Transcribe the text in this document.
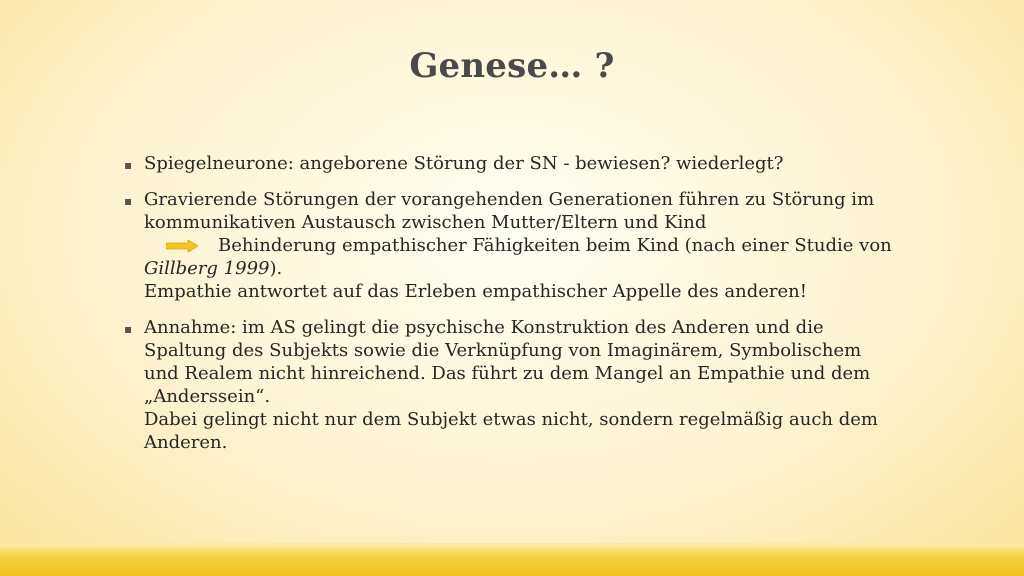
Genese… ?
▪ Spiegelneurone: angeborene Störung der SN - bewiesen? wiederlegt?
▪ Gravierende Störungen der vorangehenden Generationen führen zu Störung im
kommunikativen Austausch zwischen Mutter/Eltern und Kind
Behinderung empathischer Fähigkeiten beim Kind (nach einer Studie von
Gillberg 1999).
Empathie antwortet auf das Erleben empathischer Appelle des anderen!
▪ Annahme: im AS gelingt die psychische Konstruktion des Anderen und die
Spaltung des Subjekts sowie die Verknüpfung von Imaginärem, Symbolischem
und Realem nicht hinreichend. Das führt zu dem Mangel an Empathie und dem
„Anderssein“.
Dabei gelingt nicht nur dem Subjekt etwas nicht, sondern regelmäßig auch dem
Anderen.
